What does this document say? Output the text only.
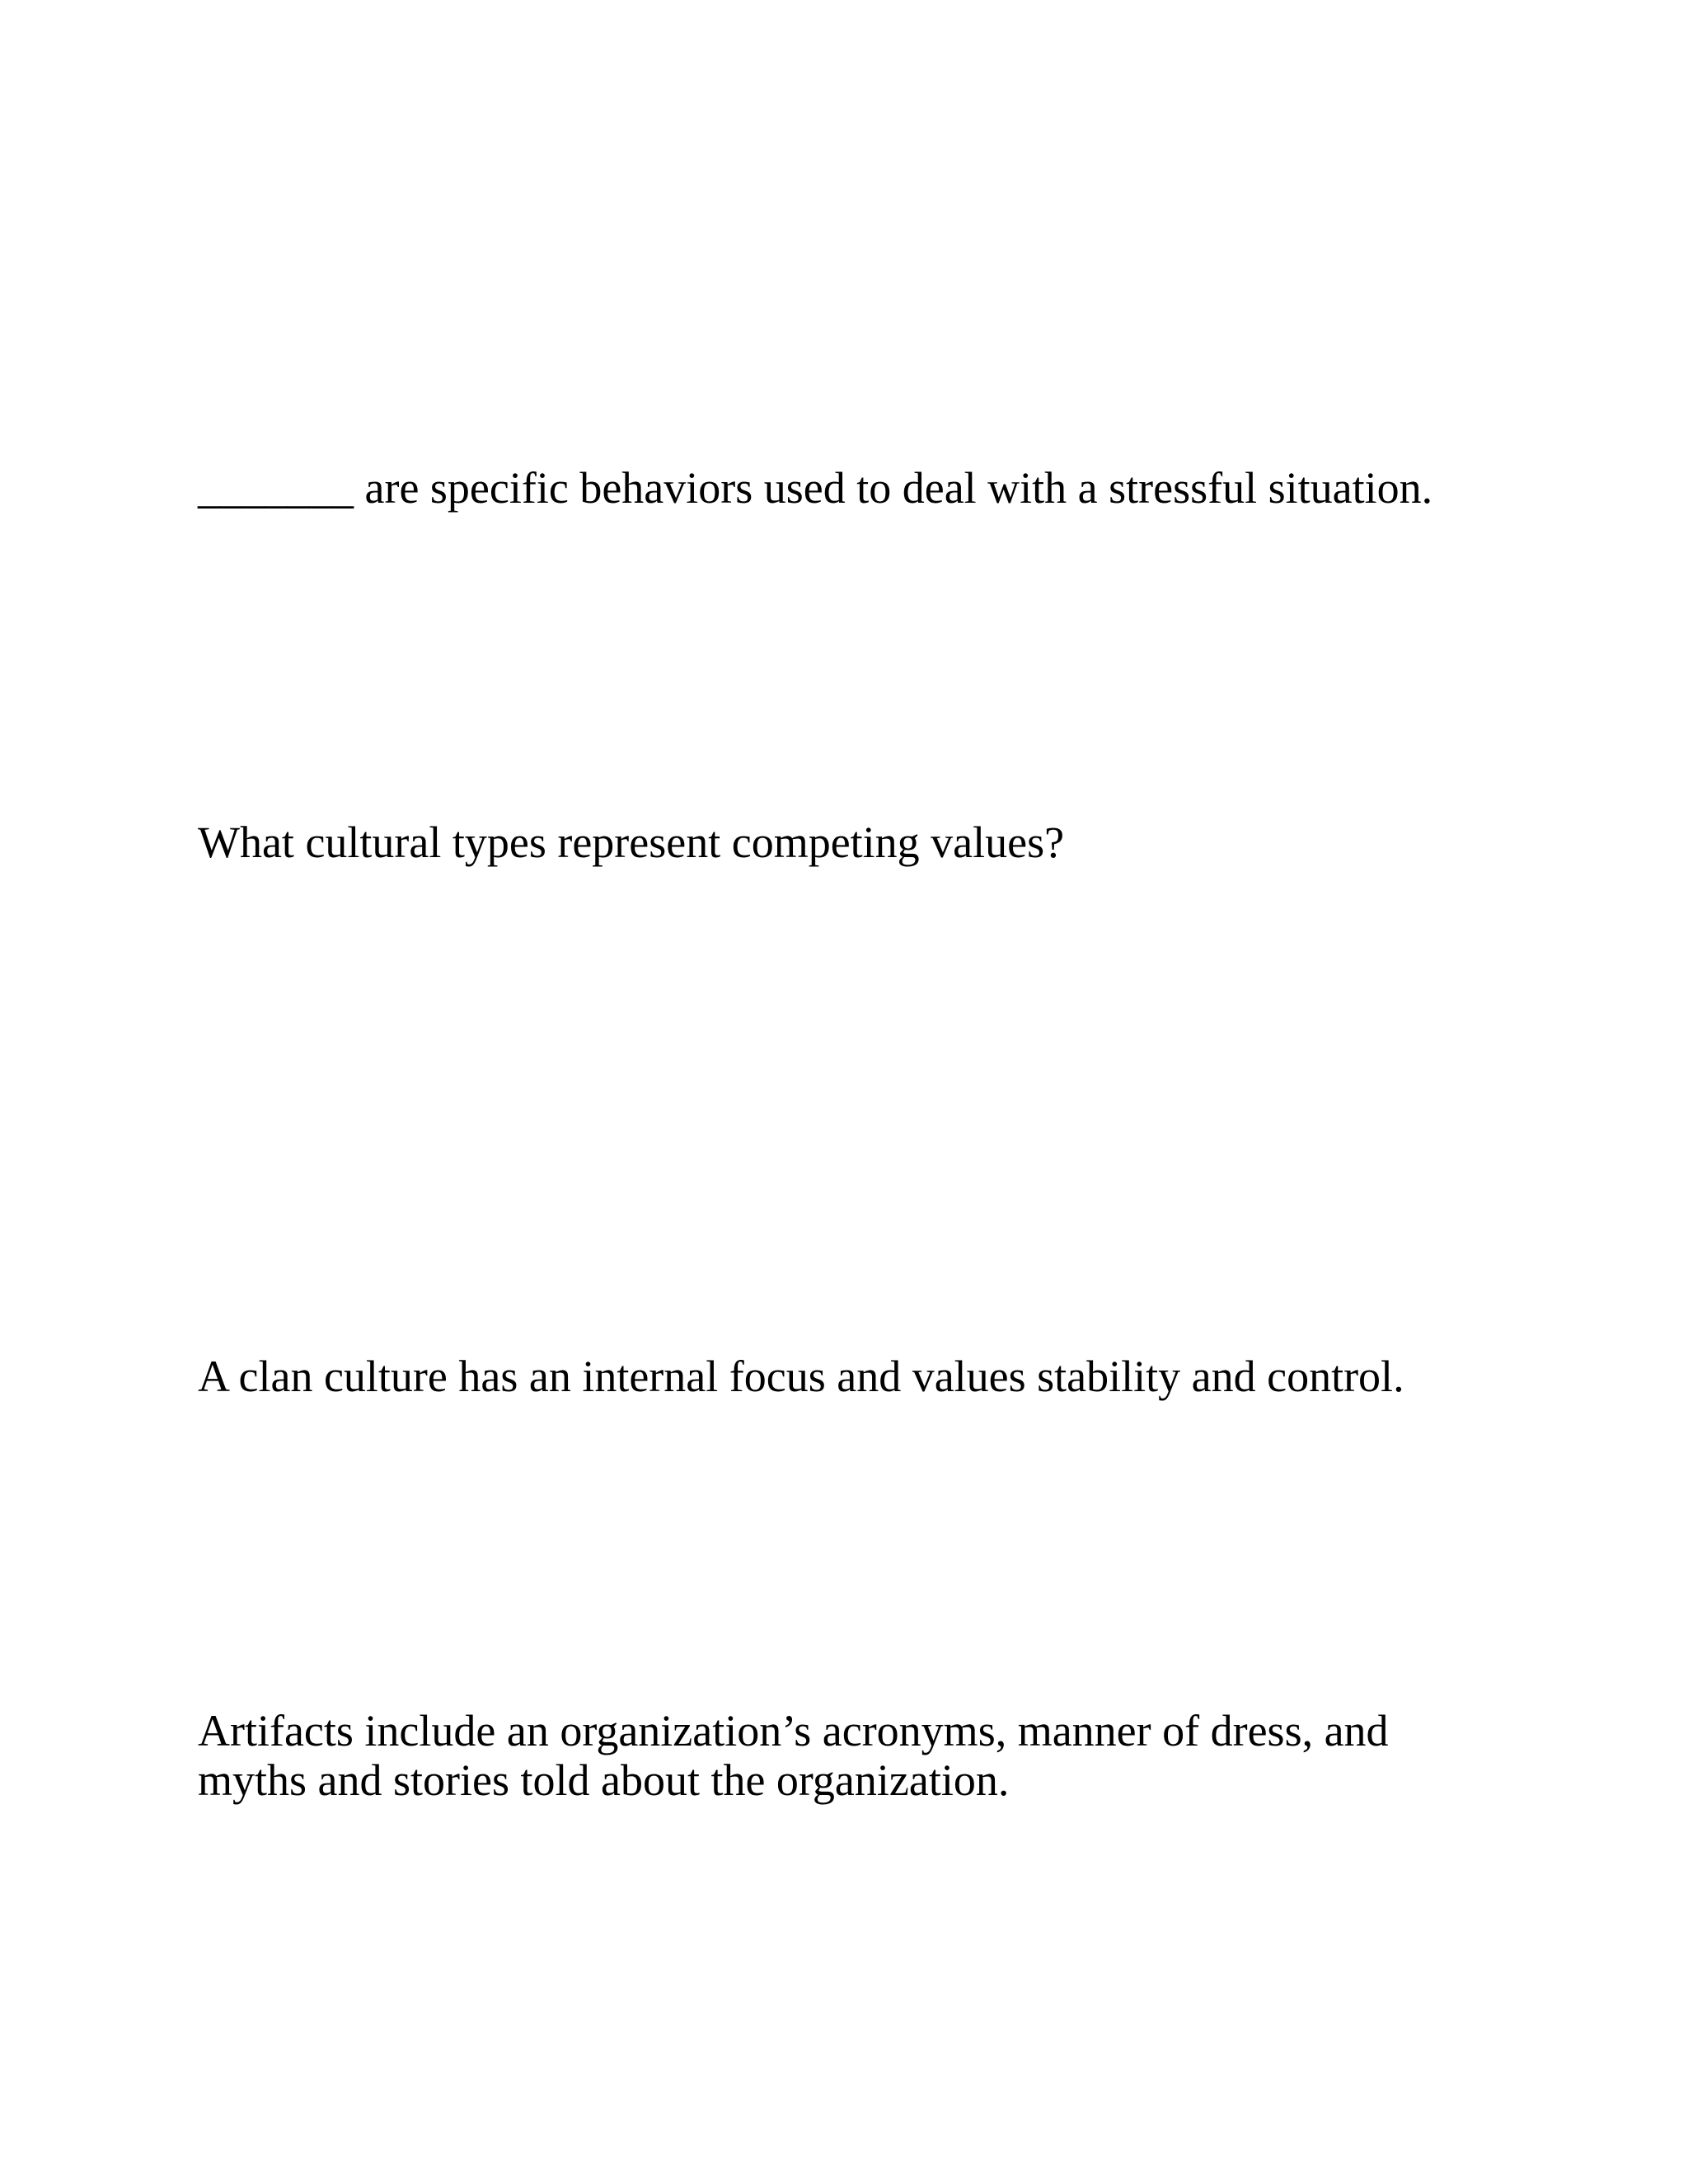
_______ are specific behaviors used to deal with a stressful situation.

What cultural types represent competing values?

A clan culture has an internal focus and values stability and control.

Artifacts include an organization’s acronyms, manner of dress, and myths and stories told about the organization.
